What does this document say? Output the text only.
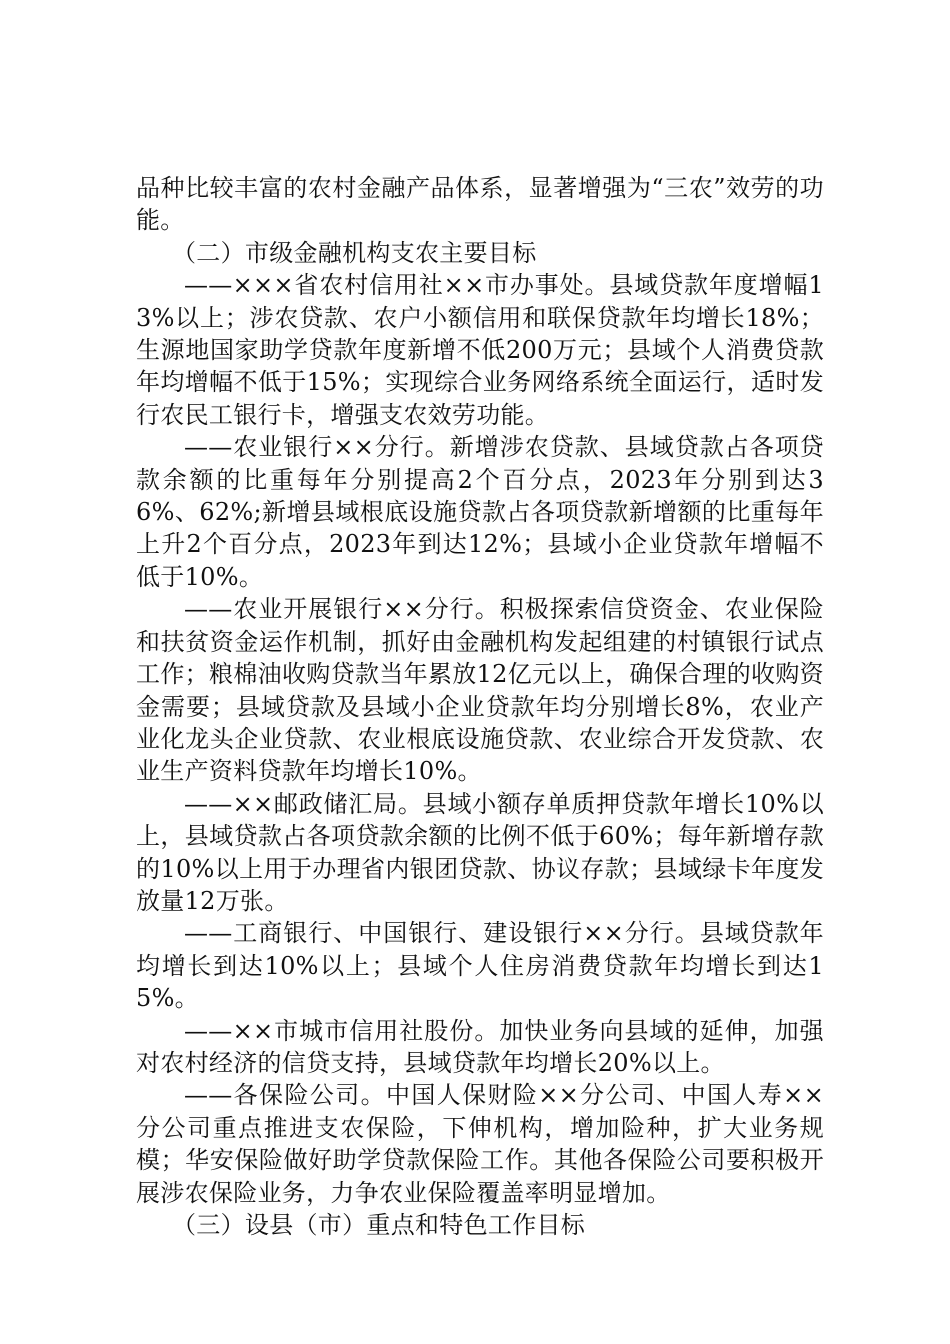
品种比较丰富的农村金融产品体系，显著增强为“三农”效劳的功能。

（二）市级金融机构支农主要目标

——×××省农村信用社××市办事处。县域贷款年度增幅13%以上；涉农贷款、农户小额信用和联保贷款年均增长18%；生源地国家助学贷款年度新增不低200万元；县域个人消费贷款年均增幅不低于15%；实现综合业务网络系统全面运行，适时发行农民工银行卡，增强支农效劳功能。

——农业银行××分行。新增涉农贷款、县域贷款占各项贷款余额的比重每年分别提高2个百分点，2023年分别到达36%、62%;新增县域根底设施贷款占各项贷款新增额的比重每年上升2个百分点，2023年到达12%；县域小企业贷款年增幅不低于10%。

——农业开展银行××分行。积极探索信贷资金、农业保险和扶贫资金运作机制，抓好由金融机构发起组建的村镇银行试点工作；粮棉油收购贷款当年累放12亿元以上，确保合理的收购资金需要；县域贷款及县域小企业贷款年均分别增长8%，农业产业化龙头企业贷款、农业根底设施贷款、农业综合开发贷款、农业生产资料贷款年均增长10%。

——××邮政储汇局。县域小额存单质押贷款年增长10%以上，县域贷款占各项贷款余额的比例不低于60%；每年新增存款的10%以上用于办理省内银团贷款、协议存款；县域绿卡年度发放量12万张。

——工商银行、中国银行、建设银行××分行。县域贷款年均增长到达10%以上；县域个人住房消费贷款年均增长到达15%。

——××市城市信用社股份。加快业务向县域的延伸，加强对农村经济的信贷支持，县域贷款年均增长20%以上。

——各保险公司。中国人保财险××分公司、中国人寿××分公司重点推进支农保险，下伸机构，增加险种，扩大业务规模；华安保险做好助学贷款保险工作。其他各保险公司要积极开展涉农保险业务，力争农业保险覆盖率明显增加。

（三）设县（市）重点和特色工作目标
